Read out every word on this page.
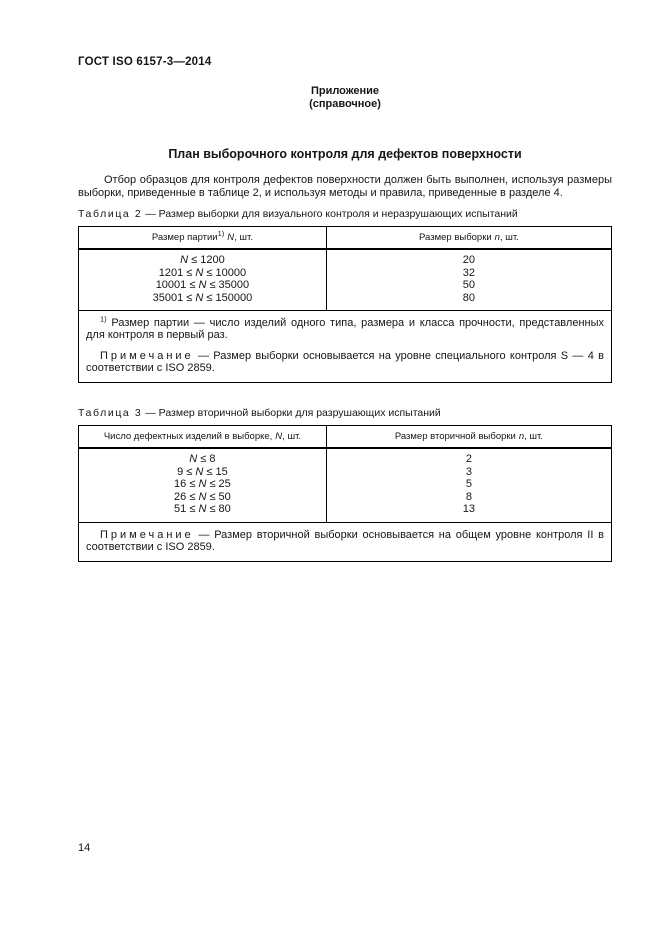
ГОСТ ISO 6157-3—2014
Приложение
(справочное)

План выборочного контроля для дефектов поверхности

Отбор образцов для контроля дефектов поверхности должен быть выполнен, используя размеры выборки, приведенные в таблице 2, и используя методы и правила, приведенные в разделе 4.

Таблица 2 — Размер выборки для визуального контроля и неразрушающих испытаний

Размер партии$^{1)}$ N, шт.	Размер выборки n, шт.
N ≤ 1200	20
1201 ≤ N ≤ 10000	32
10001 ≤ N ≤ 35000	50
35001 ≤ N ≤ 150000	80

$^{1)}$ Размер партии — число изделий одного типа, размера и класса прочности, представленных для контроля в первый раз.

Примечание — Размер выборки основывается на уровне специального контроля S — 4 в соответствии с ISO 2859.	

Таблица 3 — Размер вторичной выборки для разрушающих испытаний

Число дефектных изделий в выборке, N, шт.	Размер вторичной выборки n, шт.
N ≤ 8	2
9 ≤ N ≤ 15	3
16 ≤ N ≤ 25	5
26 ≤ N ≤ 50	8
51 ≤ N ≤ 80	13

Примечание — Размер вторичной выборки основывается на общем уровне контроля II в соответствии с ISO 2859.	

14
